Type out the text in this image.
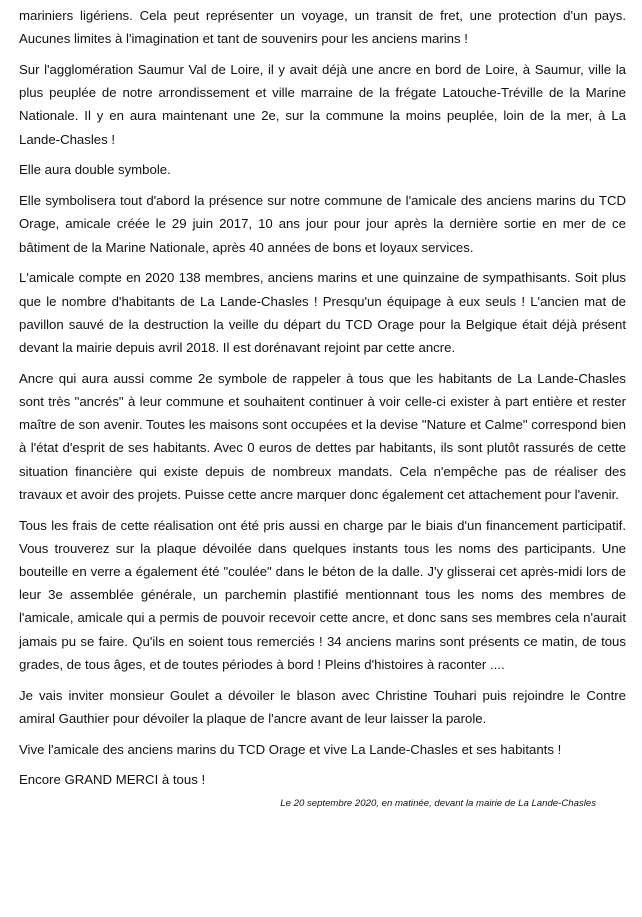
mariniers ligériens. Cela peut représenter un voyage, un transit de fret, une protection d'un pays. Aucunes limites à l'imagination et tant de souvenirs pour les anciens marins !

Sur l'agglomération Saumur Val de Loire, il y avait déjà une ancre en bord de Loire, à Saumur, ville la plus peuplée de notre arrondissement et ville marraine de la frégate Latouche-Tréville de la Marine Nationale. Il y en aura maintenant une 2e, sur la commune la moins peuplée, loin de la mer, à La Lande-Chasles !

Elle aura double symbole.

Elle symbolisera tout d'abord la présence sur notre commune de l'amicale des anciens marins du TCD Orage, amicale créée le 29 juin 2017, 10 ans jour pour jour après la dernière sortie en mer de ce bâtiment de la Marine Nationale, après 40 années de bons et loyaux services.

L'amicale compte en 2020 138 membres, anciens marins et une quinzaine de sympathisants. Soit plus que le nombre d'habitants de La Lande-Chasles ! Presqu'un équipage à eux seuls ! L'ancien mat de pavillon sauvé de la destruction la veille du départ du TCD Orage pour la Belgique était déjà présent devant la mairie depuis avril 2018. Il est dorénavant rejoint par cette ancre.

Ancre qui aura aussi comme 2e symbole de rappeler à tous que les habitants de La Lande-Chasles sont très "ancrés" à leur commune et souhaitent continuer à voir celle-ci exister à part entière et rester maître de son avenir. Toutes les maisons sont occupées et la devise "Nature et Calme" correspond bien à l'état d'esprit de ses habitants. Avec 0 euros de dettes par habitants, ils sont plutôt rassurés de cette situation financière qui existe depuis de nombreux mandats. Cela n'empêche pas de réaliser des travaux et avoir des projets. Puisse cette ancre marquer donc également cet attachement pour l'avenir.

Tous les frais de cette réalisation ont été pris aussi en charge par le biais d'un financement participatif. Vous trouverez sur la plaque dévoilée dans quelques instants tous les noms des participants. Une bouteille en verre a également été "coulée" dans le béton de la dalle. J'y glisserai cet après-midi lors de leur 3e assemblée générale, un parchemin plastifié mentionnant tous les noms des membres de l'amicale, amicale qui a permis de pouvoir recevoir cette ancre, et donc sans ses membres cela n'aurait jamais pu se faire. Qu'ils en soient tous remerciés ! 34 anciens marins sont présents ce matin, de tous grades, de tous âges, et de toutes périodes à bord ! Pleins d'histoires à raconter ....

Je vais inviter monsieur Goulet a dévoiler le blason avec Christine Touhari puis rejoindre le Contre amiral Gauthier pour dévoiler la plaque de l'ancre avant de leur laisser la parole.

Vive l'amicale des anciens marins du TCD Orage et vive La Lande-Chasles et ses habitants !

Encore GRAND MERCI à tous !

Le 20 septembre 2020, en matinée, devant la mairie de La Lande-Chasles
